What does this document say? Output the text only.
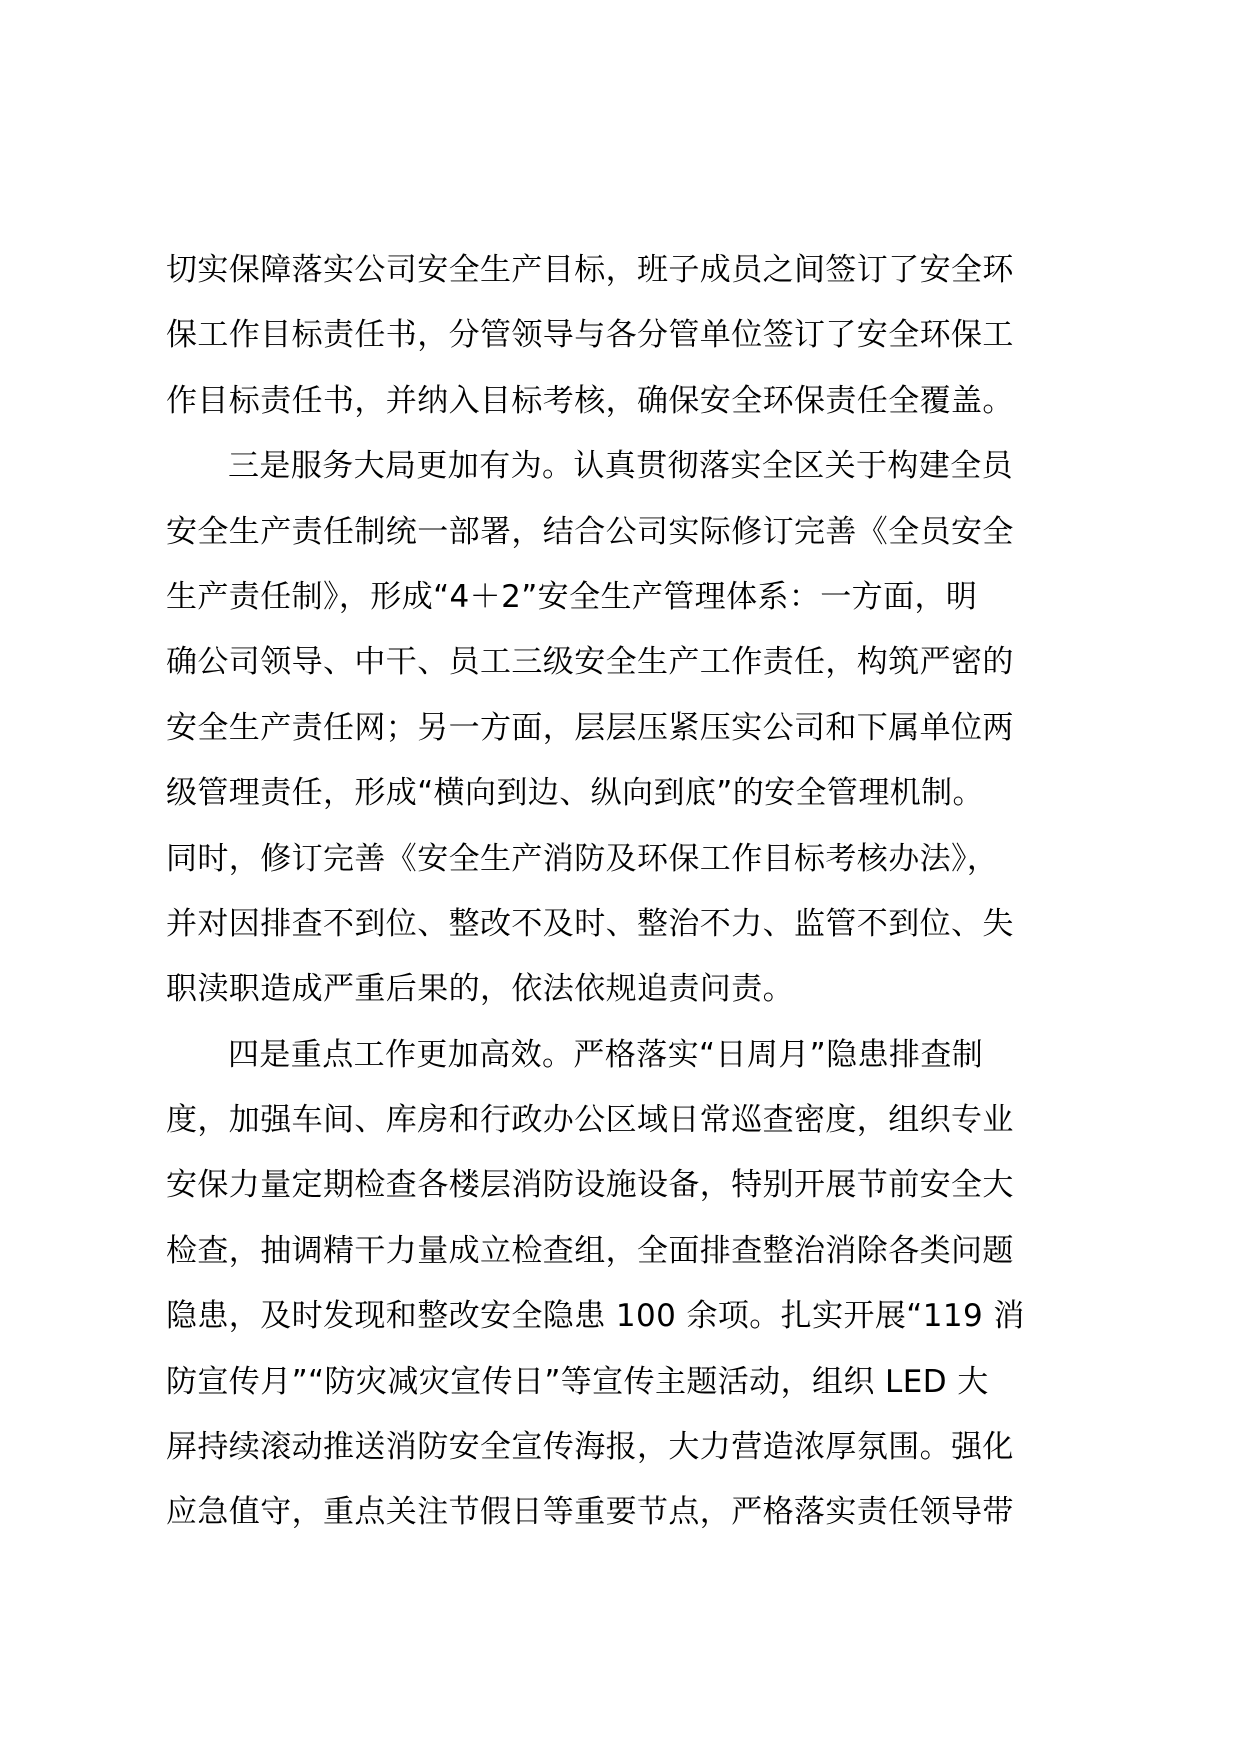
切实保障落实公司安全生产目标，班子成员之间签订了安全环
保工作目标责任书，分管领导与各分管单位签订了安全环保工
作目标责任书，并纳入目标考核，确保安全环保责任全覆盖。
三是服务大局更加有为。认真贯彻落实全区关于构建全员
安全生产责任制统一部署，结合公司实际修订完善《全员安全
生产责任制》，形成“4＋2”安全生产管理体系：一方面，明
确公司领导、中干、员工三级安全生产工作责任，构筑严密的
安全生产责任网；另一方面，层层压紧压实公司和下属单位两
级管理责任，形成“横向到边、纵向到底”的安全管理机制。
同时，修订完善《安全生产消防及环保工作目标考核办法》，
并对因排查不到位、整改不及时、整治不力、监管不到位、失
职渎职造成严重后果的，依法依规追责问责。
四是重点工作更加高效。严格落实“日周月”隐患排查制
度，加强车间、库房和行政办公区域日常巡查密度，组织专业
安保力量定期检查各楼层消防设施设备，特别开展节前安全大
检查，抽调精干力量成立检查组，全面排查整治消除各类问题
隐患，及时发现和整改安全隐患 100 余项。扎实开展“119 消
防宣传月”“防灾减灾宣传日”等宣传主题活动，组织 LED 大
屏持续滚动推送消防安全宣传海报，大力营造浓厚氛围。强化
应急值守，重点关注节假日等重要节点，严格落实责任领导带
